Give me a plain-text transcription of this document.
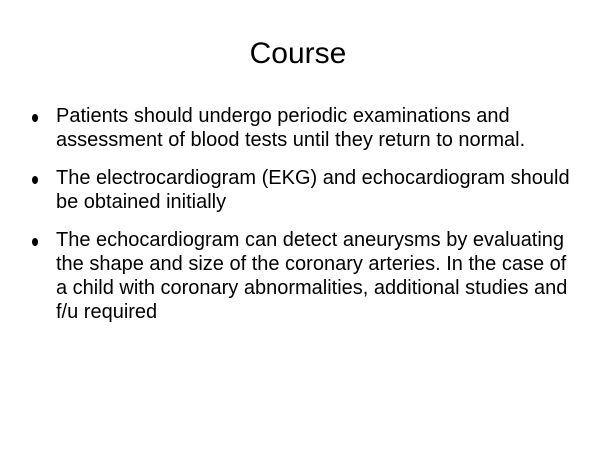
Course
Patients should undergo periodic examinations and assessment of blood tests until they return to normal.
The electrocardiogram (EKG) and echocardiogram should be obtained initially
The echocardiogram can detect aneurysms by evaluating the shape and size of the coronary arteries. In the case of a child with coronary abnormalities, additional studies and f/u required
